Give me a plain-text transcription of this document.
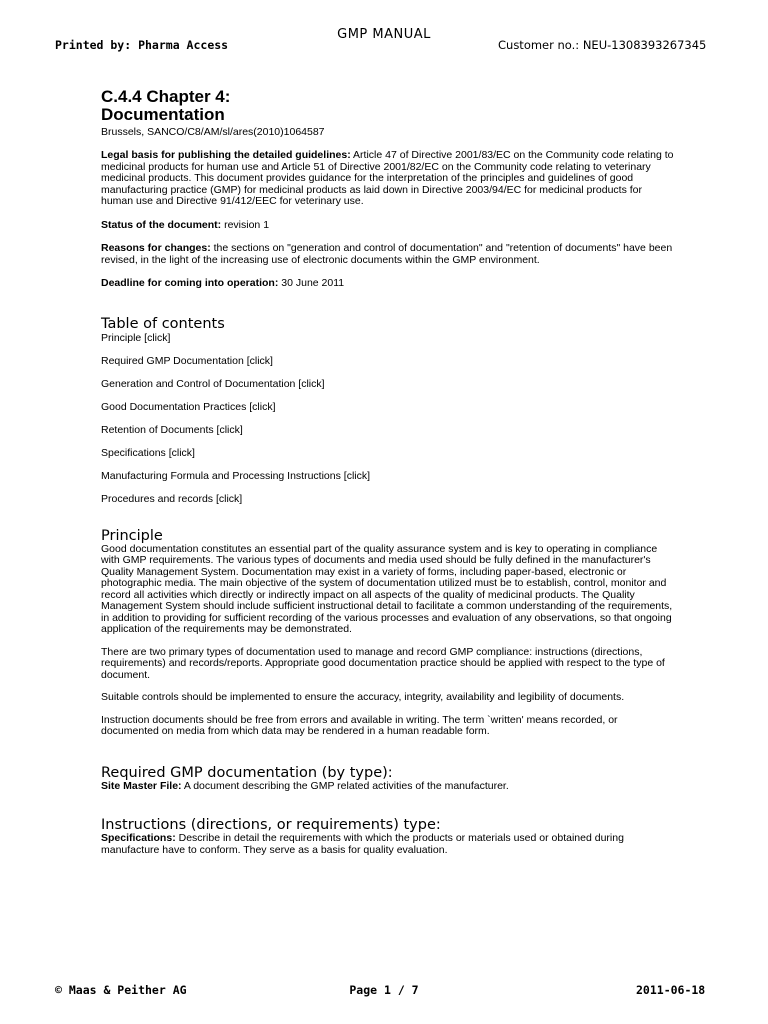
GMP MANUAL
Printed by: Pharma Access	Customer no.: NEU-1308393267345
C.4.4 Chapter 4:
Documentation
Brussels, SANCO/C8/AM/sl/ares(2010)1064587
Legal basis for publishing the detailed guidelines: Article 47 of Directive 2001/83/EC on the Community code relating to medicinal products for human use and Article 51 of Directive 2001/82/EC on the Community code relating to veterinary medicinal products. This document provides guidance for the interpretation of the principles and guidelines of good manufacturing practice (GMP) for medicinal products as laid down in Directive 2003/94/EC for medicinal products for human use and Directive 91/412/EEC for veterinary use.
Status of the document: revision 1
Reasons for changes: the sections on "generation and control of documentation" and "retention of documents" have been revised, in the light of the increasing use of electronic documents within the GMP environment.
Deadline for coming into operation: 30 June 2011
Table of contents
Principle [click]
Required GMP Documentation [click]
Generation and Control of Documentation [click]
Good Documentation Practices [click]
Retention of Documents [click]
Specifications [click]
Manufacturing Formula and Processing Instructions [click]
Procedures and records [click]
Principle

Good documentation constitutes an essential part of the quality assurance system and is key to operating in compliance with GMP requirements. The various types of documents and media used should be fully defined in the manufacturer's Quality Management System. Documentation may exist in a variety of forms, including paper-based, electronic or photographic media. The main objective of the system of documentation utilized must be to establish, control, monitor and record all activities which directly or indirectly impact on all aspects of the quality of medicinal products. The Quality Management System should include sufficient instructional detail to facilitate a common understanding of the requirements, in addition to providing for sufficient recording of the various processes and evaluation of any observations, so that ongoing application of the requirements may be demonstrated.

There are two primary types of documentation used to manage and record GMP compliance: instructions (directions, requirements) and records/reports. Appropriate good documentation practice should be applied with respect to the type of document.

Suitable controls should be implemented to ensure the accuracy, integrity, availability and legibility of documents.

Instruction documents should be free from errors and available in writing. The term `written' means recorded, or documented on media from which data may be rendered in a human readable form.

Required GMP documentation (by type):

Site Master File: A document describing the GMP related activities of the manufacturer.

Instructions (directions, or requirements) type:

Specifications: Describe in detail the requirements with which the products or materials used or obtained during manufacture have to conform. They serve as a basis for quality evaluation.

© Maas & Peither AG	Page 1 / 7	2011-06-18
